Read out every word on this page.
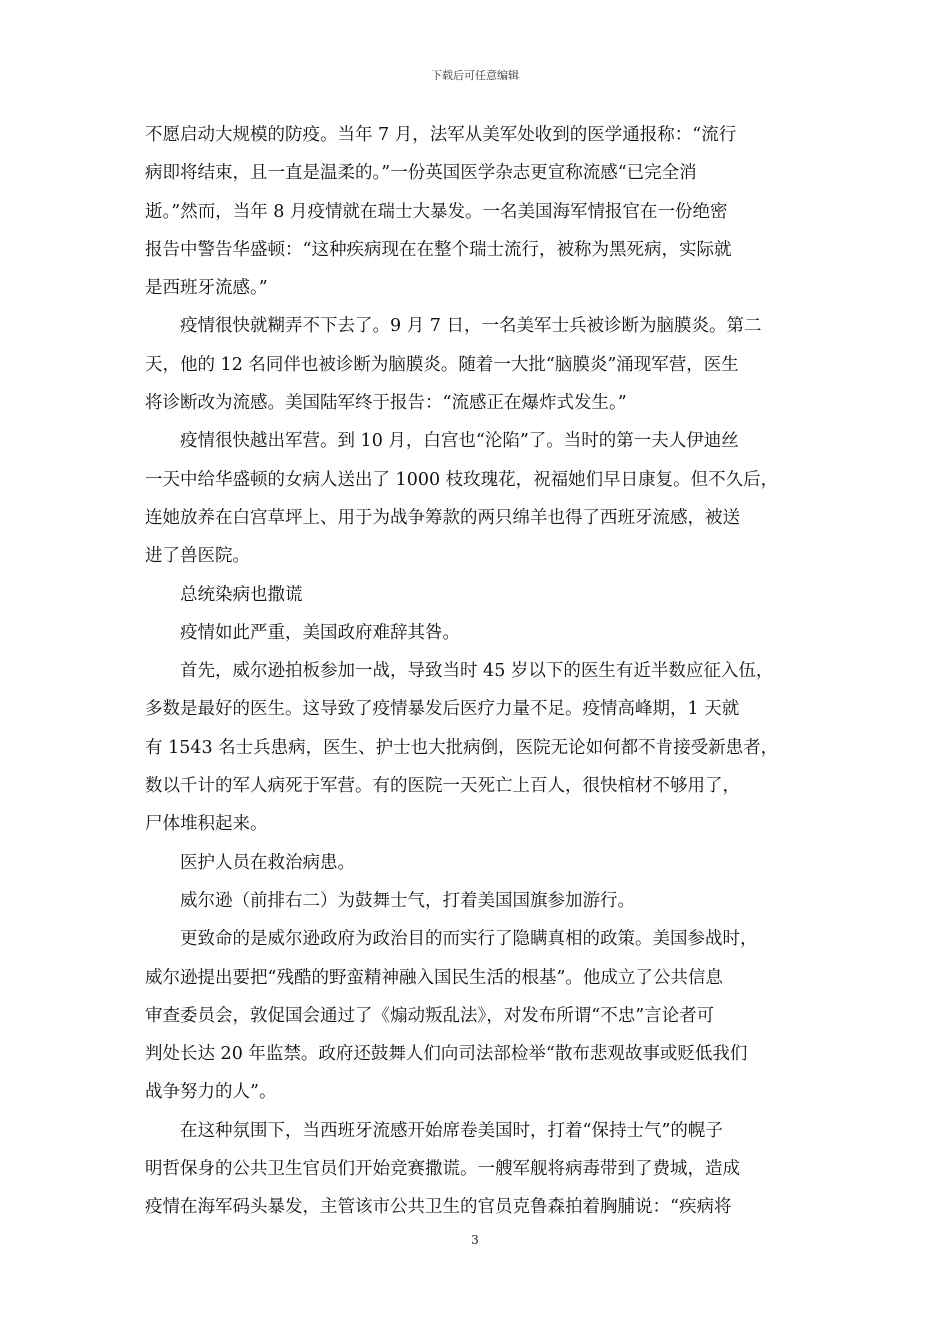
下载后可任意编辑
不愿启动大规模的防疫。当年 7 月，法军从美军处收到的医学通报称：“流行
病即将结束，且一直是温柔的。”一份英国医学杂志更宣称流感“已完全消
逝。”然而，当年 8 月疫情就在瑞士大暴发。一名美国海军情报官在一份绝密
报告中警告华盛顿：“这种疾病现在在整个瑞士流行，被称为黑死病，实际就
是西班牙流感。”
　　疫情很快就糊弄不下去了。9 月 7 日，一名美军士兵被诊断为脑膜炎。第二
天，他的 12 名同伴也被诊断为脑膜炎。随着一大批“脑膜炎”涌现军营，医生
将诊断改为流感。美国陆军终于报告：“流感正在爆炸式发生。”
　　疫情很快越出军营。到 10 月，白宫也“沦陷”了。当时的第一夫人伊迪丝
一天中给华盛顿的女病人送出了 1000 枝玫瑰花，祝福她们早日康复。但不久后，
连她放养在白宫草坪上、用于为战争筹款的两只绵羊也得了西班牙流感，被送
进了兽医院。
　　总统染病也撒谎
　　疫情如此严重，美国政府难辞其咎。
　　首先，威尔逊拍板参加一战，导致当时 45 岁以下的医生有近半数应征入伍，
多数是最好的医生。这导致了疫情暴发后医疗力量不足。疫情高峰期，1 天就
有 1543 名士兵患病，医生、护士也大批病倒，医院无论如何都不肯接受新患者，
数以千计的军人病死于军营。有的医院一天死亡上百人，很快棺材不够用了，
尸体堆积起来。
　　医护人员在救治病患。
　　威尔逊（前排右二）为鼓舞士气，打着美国国旗参加游行。
　　更致命的是威尔逊政府为政治目的而实行了隐瞒真相的政策。美国参战时，
威尔逊提出要把“残酷的野蛮精神融入国民生活的根基”。他成立了公共信息
审查委员会，敦促国会通过了《煽动叛乱法》，对发布所谓“不忠”言论者可
判处长达 20 年监禁。政府还鼓舞人们向司法部检举“散布悲观故事或贬低我们
战争努力的人”。
　　在这种氛围下，当西班牙流感开始席卷美国时，打着“保持士气”的幌子
明哲保身的公共卫生官员们开始竞赛撒谎。一艘军舰将病毒带到了费城，造成
疫情在海军码头暴发，主管该市公共卫生的官员克鲁森拍着胸脯说：“疾病将
3
